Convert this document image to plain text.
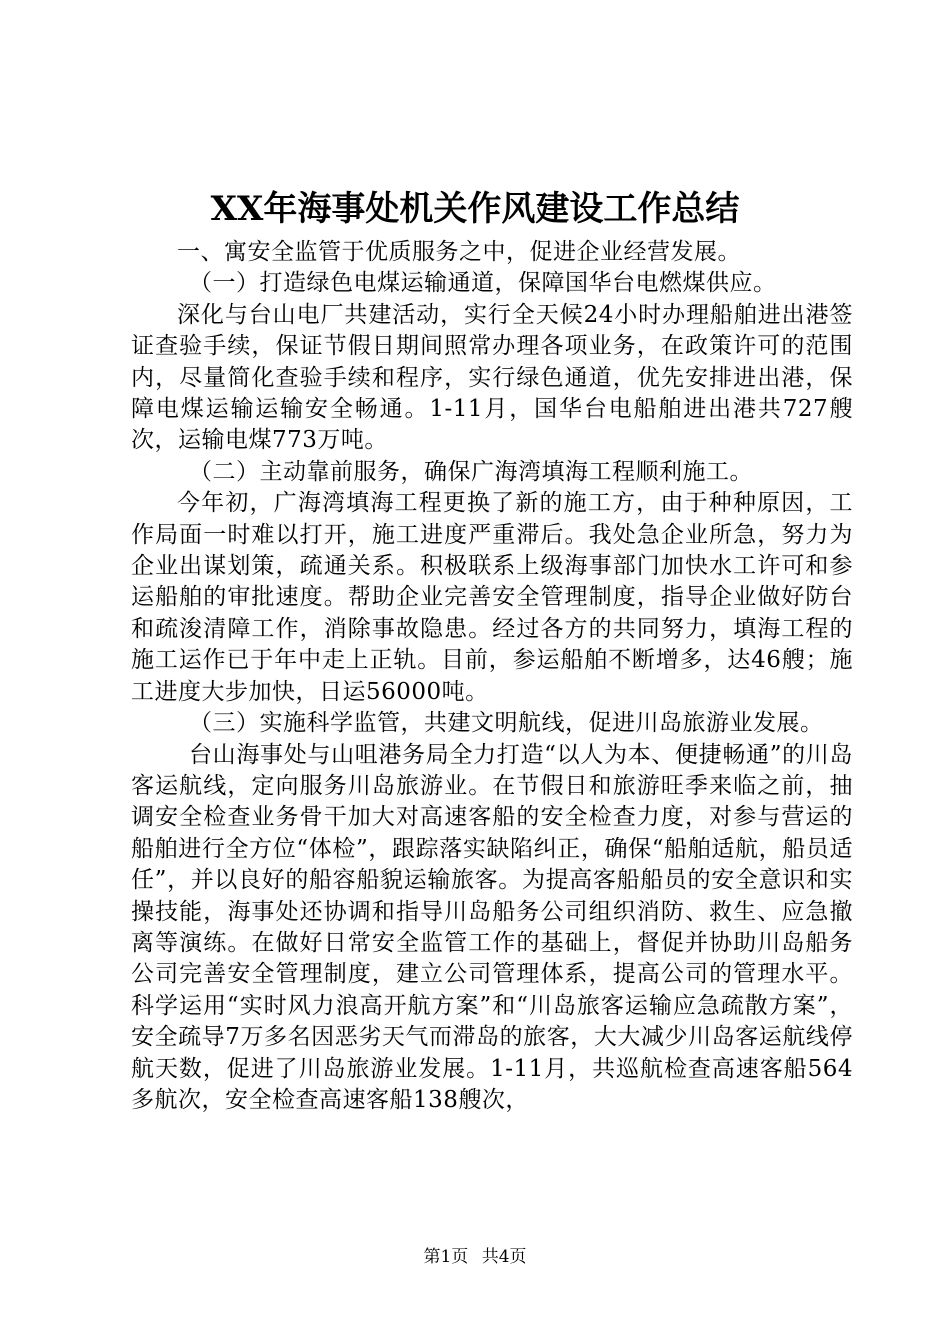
XX年海事处机关作风建设工作总结

一、寓安全监管于优质服务之中，促进企业经营发展。

（一）打造绿色电煤运输通道，保障国华台电燃煤供应。

深化与台山电厂共建活动，实行全天候24小时办理船舶进出港签证查验手续，保证节假日期间照常办理各项业务，在政策许可的范围内，尽量简化查验手续和程序，实行绿色通道，优先安排进出港，保障电煤运输运输安全畅通。1-11月，国华台电船舶进出港共727艘次，运输电煤773万吨。

（二）主动靠前服务，确保广海湾填海工程顺利施工。

今年初，广海湾填海工程更换了新的施工方，由于种种原因，工作局面一时难以打开，施工进度严重滞后。我处急企业所急，努力为企业出谋划策，疏通关系。积极联系上级海事部门加快水工许可和参运船舶的审批速度。帮助企业完善安全管理制度，指导企业做好防台和疏浚清障工作，消除事故隐患。经过各方的共同努力，填海工程的施工运作已于年中走上正轨。目前，参运船舶不断增多，达46艘；施工进度大步加快，日运56000吨。

（三）实施科学监管，共建文明航线，促进川岛旅游业发展。

台山海事处与山咀港务局全力打造“以人为本、便捷畅通”的川岛客运航线，定向服务川岛旅游业。在节假日和旅游旺季来临之前，抽调安全检查业务骨干加大对高速客船的安全检查力度，对参与营运的船舶进行全方位“体检”，跟踪落实缺陷纠正，确保“船舶适航，船员适任”，并以良好的船容船貌运输旅客。为提高客船船员的安全意识和实操技能，海事处还协调和指导川岛船务公司组织消防、救生、应急撤离等演练。在做好日常安全监管工作的基础上，督促并协助川岛船务公司完善安全管理制度，建立公司管理体系，提高公司的管理水平。科学运用“实时风力浪高开航方案”和“川岛旅客运输应急疏散方案”，安全疏导7万多名因恶劣天气而滞岛的旅客，大大减少川岛客运航线停航天数，促进了川岛旅游业发展。1-11月，共巡航检查高速客船564多航次，安全检查高速客船138艘次，

第1页 共4页
